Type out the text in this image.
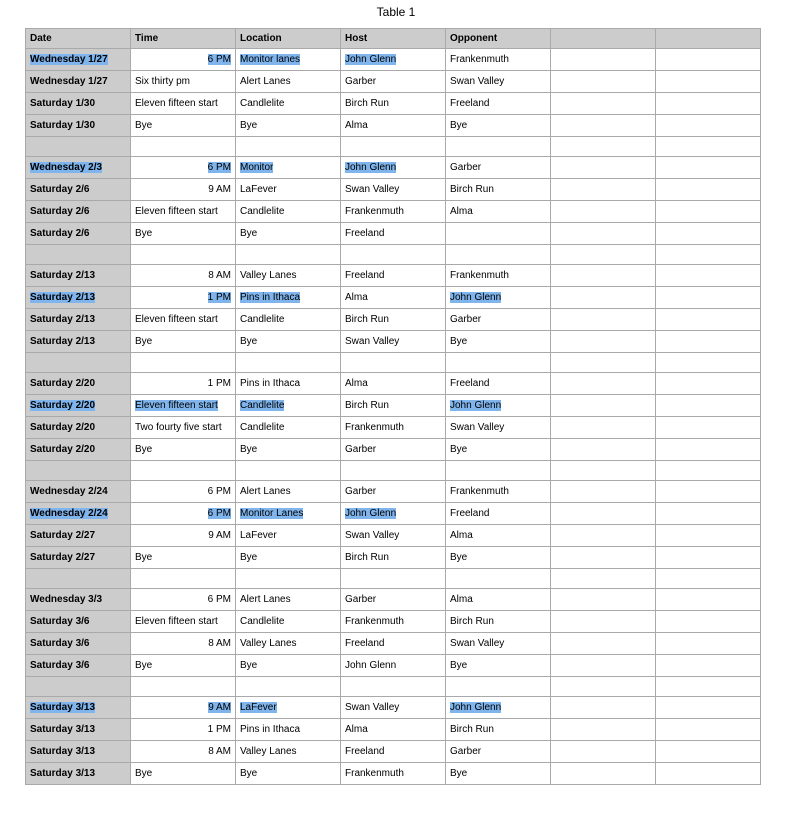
Table 1
Date	Time	Location	Host	Opponent		
Wednesday 1/27	6 PM	Monitor lanes	John Glenn	Frankenmuth		
Wednesday 1/27	Six thirty pm	Alert Lanes	Garber	Swan Valley		
Saturday 1/30	Eleven fifteen start	Candlelite	Birch Run	Freeland		
Saturday 1/30	Bye	Bye	Alma	Bye		

Wednesday 2/3	6 PM	Monitor	John Glenn	Garber		
Saturday 2/6	9 AM	LaFever	Swan Valley	Birch Run		
Saturday 2/6	Eleven fifteen start	Candlelite	Frankenmuth	Alma		
Saturday 2/6	Bye	Bye	Freeland			

Saturday 2/13	8 AM	Valley Lanes	Freeland	Frankenmuth		
Saturday 2/13	1 PM	Pins in Ithaca	Alma	John Glenn		
Saturday 2/13	Eleven fifteen start	Candlelite	Birch Run	Garber		
Saturday 2/13	Bye	Bye	Swan Valley	Bye		

Saturday 2/20	1 PM	Pins in Ithaca	Alma	Freeland		
Saturday 2/20	Eleven fifteen start	Candlelite	Birch Run	John Glenn		
Saturday 2/20	Two fourty five start	Candlelite	Frankenmuth	Swan Valley		
Saturday 2/20	Bye	Bye	Garber	Bye		

Wednesday 2/24	6 PM	Alert Lanes	Garber	Frankenmuth		
Wednesday 2/24	6 PM	Monitor Lanes	John Glenn	Freeland		
Saturday 2/27	9 AM	LaFever	Swan Valley	Alma		
Saturday 2/27	Bye	Bye	Birch Run	Bye		

Wednesday 3/3	6 PM	Alert Lanes	Garber	Alma		
Saturday 3/6	Eleven fifteen start	Candlelite	Frankenmuth	Birch Run		
Saturday 3/6	8 AM	Valley Lanes	Freeland	Swan Valley		
Saturday 3/6	Bye	Bye	John Glenn	Bye		

Saturday 3/13	9 AM	LaFever	Swan Valley	John Glenn		
Saturday 3/13	1 PM	Pins in Ithaca	Alma	Birch Run		
Saturday 3/13	8 AM	Valley Lanes	Freeland	Garber		
Saturday 3/13	Bye	Bye	Frankenmuth	Bye		
